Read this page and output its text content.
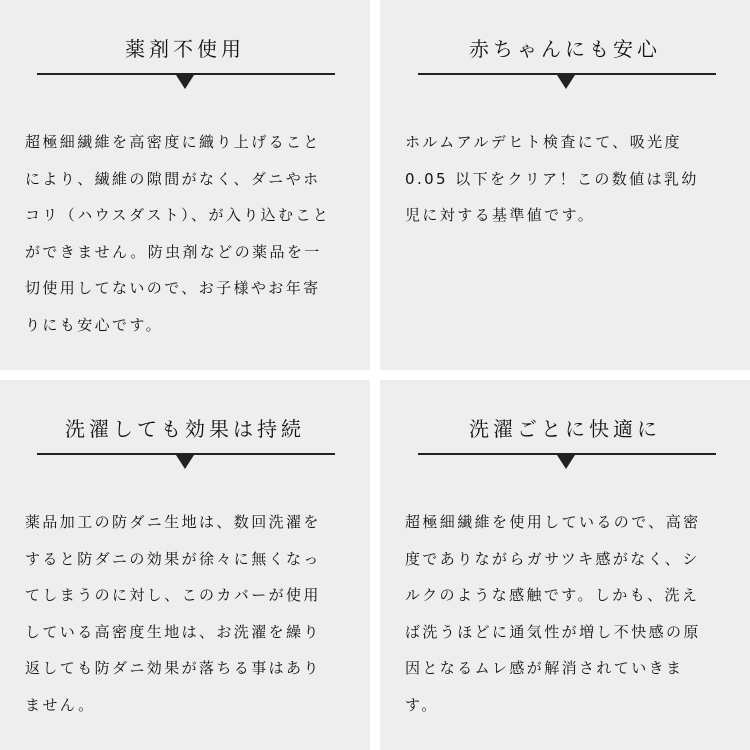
薬剤不使用

超極細繊維を高密度に織り上げること
により、繊維の隙間がなく、ダニやホ
コリ（ハウスダスト）、が入り込むこと
ができません。防虫剤などの薬品を一
切使用してないので、お子様やお年寄
りにも安心です。

赤ちゃんにも安心

ホルムアルデヒト検査にて、吸光度
0.05 以下をクリア！この数値は乳幼
児に対する基準値です。

洗濯しても効果は持続

薬品加工の防ダニ生地は、数回洗濯を
すると防ダニの効果が徐々に無くなっ
てしまうのに対し、このカバーが使用
している高密度生地は、お洗濯を繰り
返しても防ダニ効果が落ちる事はあり
ません。

洗濯ごとに快適に

超極細繊維を使用しているので、高密
度でありながらガサツキ感がなく、シ
ルクのような感触です。しかも、洗え
ば洗うほどに通気性が増し不快感の原
因となるムレ感が解消されていきま
す。
